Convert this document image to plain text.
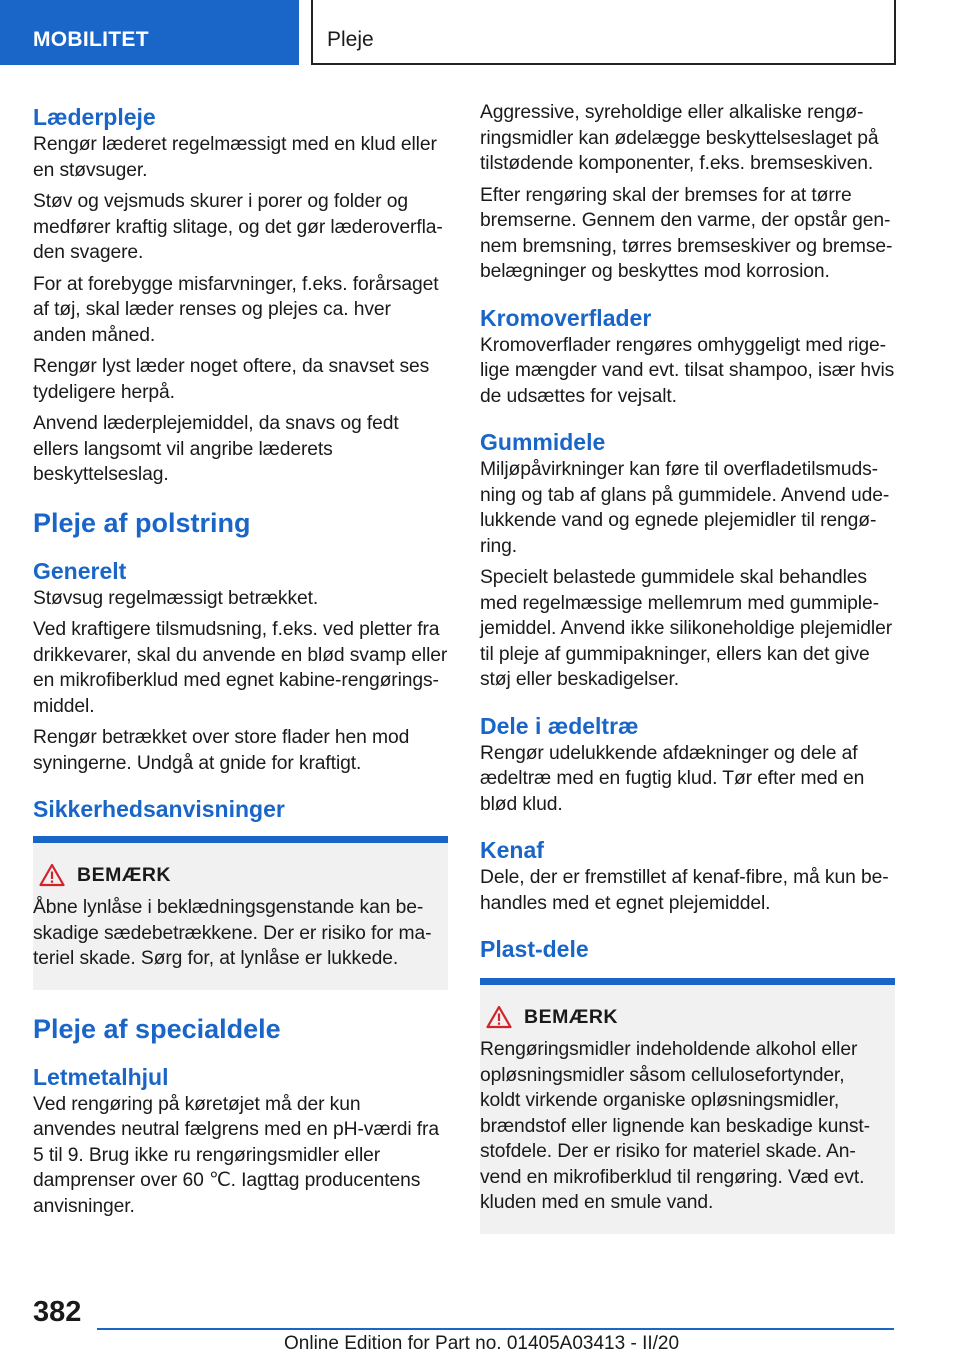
MOBILITET	Pleje
Læderpleje

Rengør læderet regelmæssigt med en klud eller en støvsuger.

Støv og vejsmuds skurer i porer og folder og medfører kraftig slitage, og det gør læderoverfladen svagere.

For at forebygge misfarvninger, f.eks. forårsaget af tøj, skal læder renses og plejes ca. hver anden måned.

Rengør lyst læder noget oftere, da snavset ses tydeligere herpå.

Anvend læderplejemiddel, da snavs og fedt ellers langsomt vil angribe læderets beskyttelseslag.

Pleje af polstring
Generelt

Støvsug regelmæssigt betrækket.

Ved kraftigere tilsmudsning, f.eks. ved pletter fra drikkevarer, skal du anvende en blød svamp eller en mikrofiberklud med egnet kabine-rengøringsmiddel.

Rengør betrækket over store flader hen mod syningerne. Undgå at gnide for kraftigt.

Sikkerhedsanvisninger
BEMÆRK

Åbne lynlåse i beklædningsgenstande kan beskadige sædebetrækkene. Der er risiko for materiel skade. Sørg for, at lynlåse er lukkede.

Pleje af specialdele
Letmetalhjul

Ved rengøring på køretøjet må der kun anvendes neutral fælgrens med en pH-værdi fra 5 til 9. Brug ikke ru rengøringsmidler eller damprenser over 60 ℃. Iagttag producentens anvisninger.

Aggressive, syreholdige eller alkaliske rengøringsmidler kan ødelægge beskyttelseslaget på tilstødende komponenter, f.eks. bremseskiven.

Efter rengøring skal der bremses for at tørre bremserne. Gennem den varme, der opstår gennem bremsning, tørres bremseskiver og bremsebelægninger og beskyttes mod korrosion.

Kromoverflader

Kromoverflader rengøres omhyggeligt med rigelige mængder vand evt. tilsat shampoo, især hvis de udsættes for vejsalt.

Gummidele

Miljøpåvirkninger kan føre til overfladetilsmudsning og tab af glans på gummidele. Anvend udelukkende vand og egnede plejemidler til rengøring.

Specielt belastede gummidele skal behandles med regelmæssige mellemrum med gummiplejemiddel. Anvend ikke silikoneholdige plejemidler til pleje af gummipakninger, ellers kan det give støj eller beskadigelser.

Dele i ædeltræ

Rengør udelukkende afdækninger og dele af ædeltræ med en fugtig klud. Tør efter med en blød klud.

Kenaf

Dele, der er fremstillet af kenaf-fibre, må kun behandles med et egnet plejemiddel.

Plast-dele
BEMÆRK

Rengøringsmidler indeholdende alkohol eller opløsningsmidler såsom cellulosefortynder, koldt virkende organiske opløsningsmidler, brændstof eller lignende kan beskadige kunststofdele. Der er risiko for materiel skade. Anvend en mikrofiberklud til rengøring. Væd evt. kluden med en smule vand.

382
Online Edition for Part no. 01405A03413 - II/20
